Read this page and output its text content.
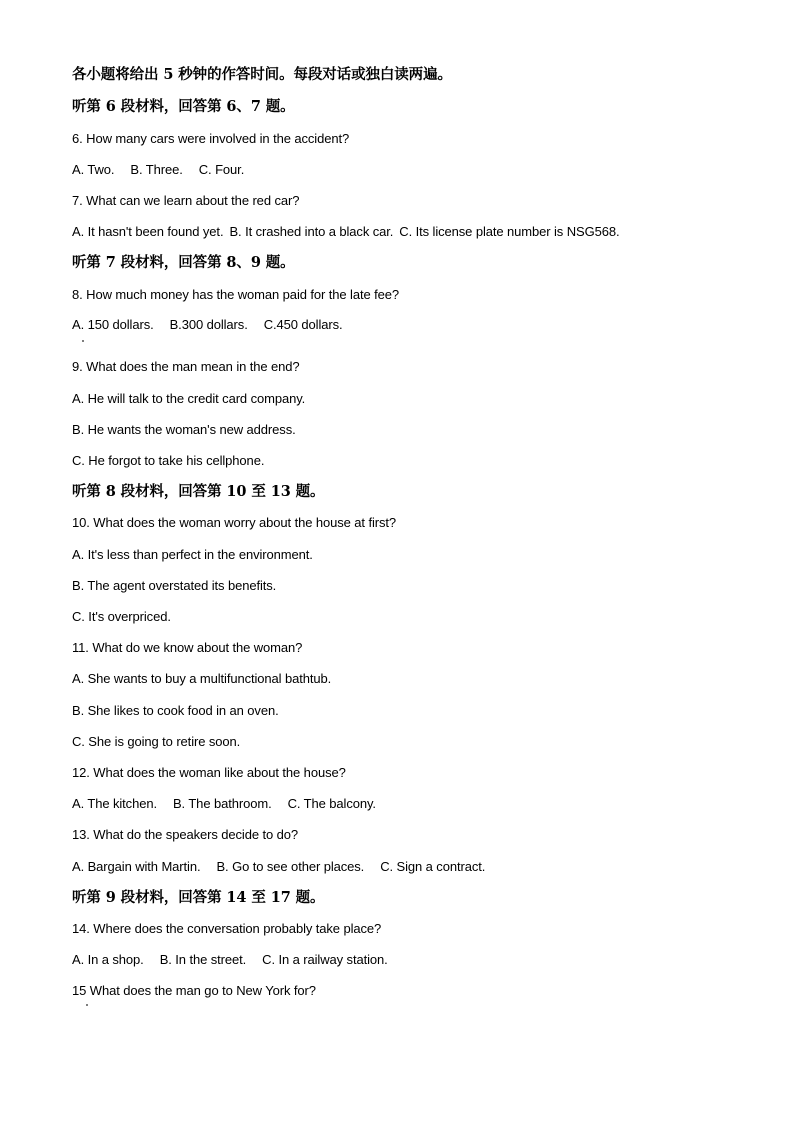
各小题将给出 5 秒钟的作答时间。每段对话或独白读两遍。
听第 6 段材料，回答第 6、7 题。
6. How many cars were involved in the accident?
A. Two. B. Three. C. Four.
7. What can we learn about the red car?
A. It hasn't been found yet. B. It crashed into a black car. C. Its license plate number is NSG568.
听第 7 段材料，回答第 8、9 题。
8. How much money has the woman paid for the late fee?
A. 150 dollars. B.300 dollars. C.450 dollars.
9. What does the man mean in the end?
A. He will talk to the credit card company.
B. He wants the woman's new address.
C. He forgot to take his cellphone.
听第 8 段材料，回答第 10 至 13 题。
10. What does the woman worry about the house at first?
A. It's less than perfect in the environment.
B. The agent overstated its benefits.
C. It's overpriced.
11. What do we know about the woman?
A. She wants to buy a multifunctional bathtub.
B. She likes to cook food in an oven.
C. She is going to retire soon.
12. What does the woman like about the house?
A. The kitchen. B. The bathroom. C. The balcony.
13. What do the speakers decide to do?
A. Bargain with Martin. B. Go to see other places. C. Sign a contract.
听第 9 段材料，回答第 14 至 17 题。
14. Where does the conversation probably take place?
A. In a shop. B. In the street. C. In a railway station.
15 What does the man go to New York for?
